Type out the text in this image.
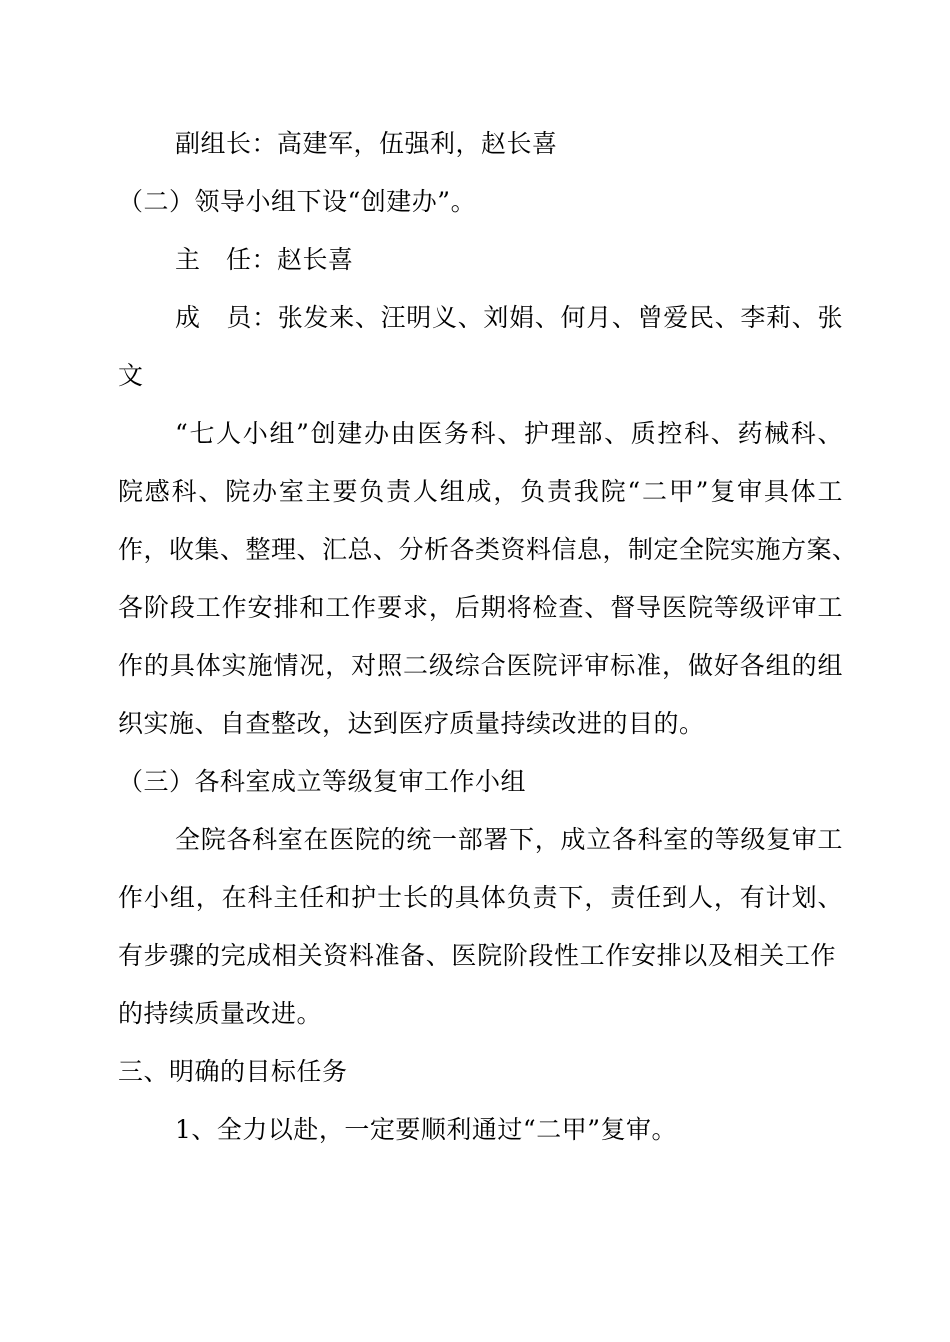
副组长：高建军，伍强利，赵长喜
（二）领导小组下设“创建办”。
主　任：赵长喜
成　员：张发来、汪明义、刘娟、何月、曾爱民、李莉、张
文
“七人小组”创建办由医务科、护理部、质控科、药械科、
院感科、院办室主要负责人组成，负责我院“二甲”复审具体工
作，收集、整理、汇总、分析各类资料信息，制定全院实施方案、
各阶段工作安排和工作要求，后期将检查、督导医院等级评审工
作的具体实施情况，对照二级综合医院评审标准，做好各组的组
织实施、自查整改，达到医疗质量持续改进的目的。
（三）各科室成立等级复审工作小组
全院各科室在医院的统一部署下，成立各科室的等级复审工
作小组，在科主任和护士长的具体负责下，责任到人，有计划、
有步骤的完成相关资料准备、医院阶段性工作安排以及相关工作
的持续质量改进。
三、明确的目标任务
1、全力以赴，一定要顺利通过“二甲”复审。
